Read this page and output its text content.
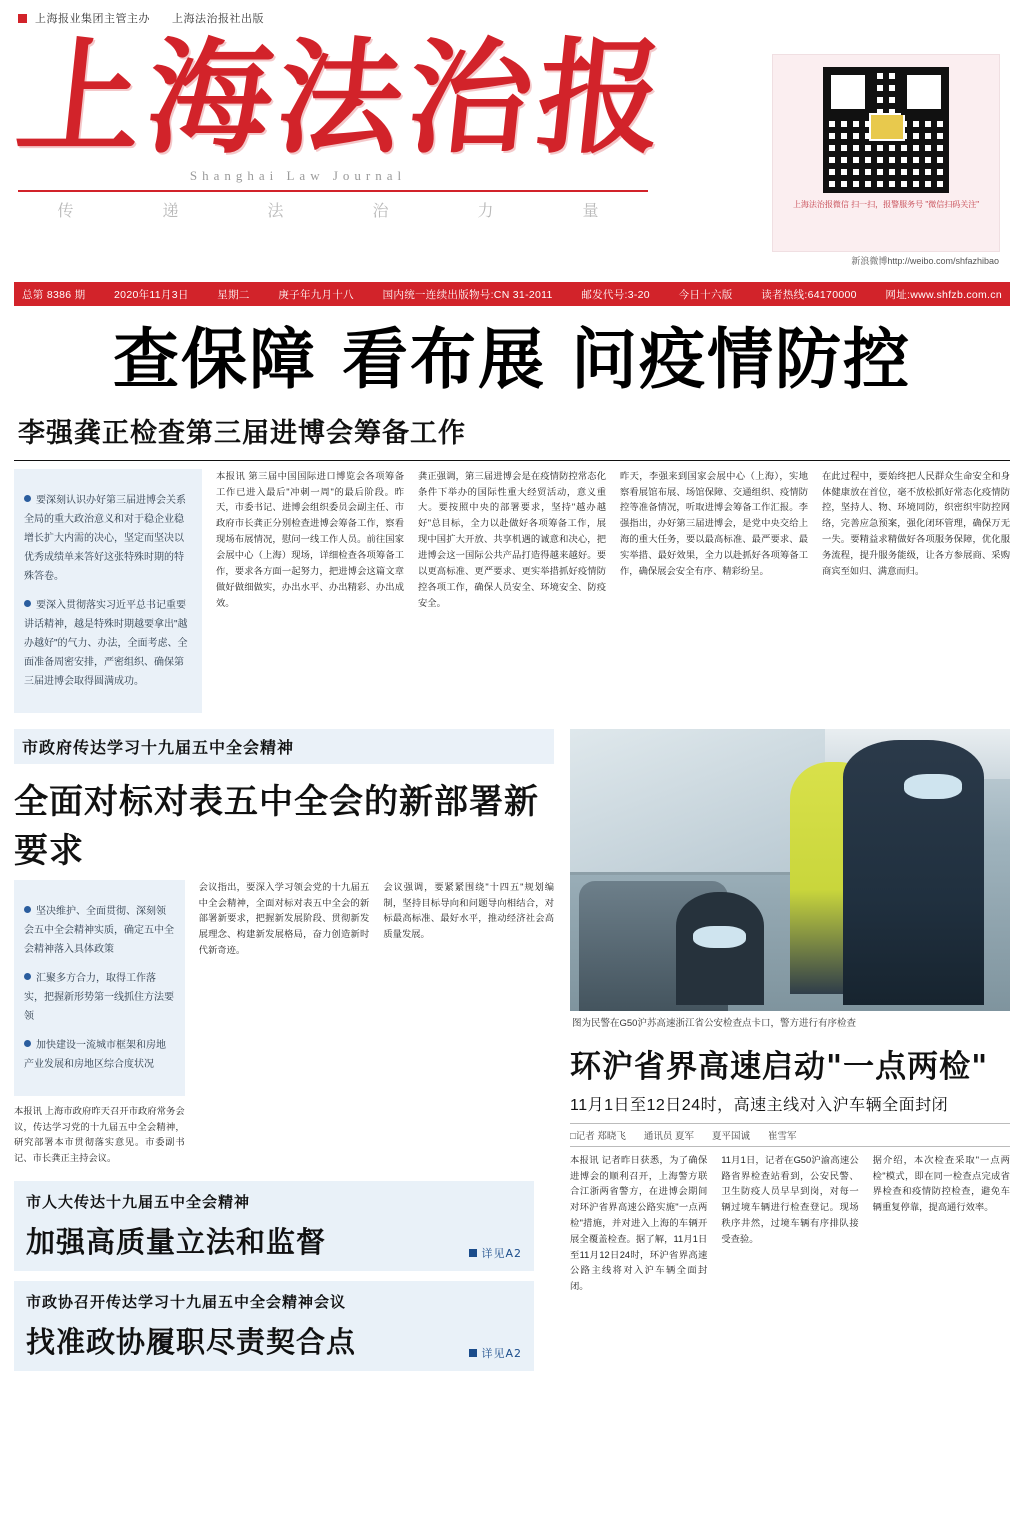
上海报业集团主管主办 上海法治报社出版
上海法治报
Shanghai Law Journal
传	递	法	治	力	量	上海法治报微信 扫一扫，报警服务号 "微信扫码关注"
新浪微博http://weibo.com/shfazhibao
总第 8386 期	2020年11月3日	星期二	庚子年九月十八	国内统一连续出版物号:CN 31-2011	邮发代号:3-20	今日十六版	读者热线:64170000	网址:www.shfzb.com.cn
查保障 看布展 问疫情防控
李强龚正检查第三届进博会筹备工作

要深刻认识办好第三届进博会关系全局的重大政治意义和对于稳企业稳增长扩大内需的决心，坚定而坚决以优秀成绩单来答好这张特殊时期的特殊答卷。

要深入贯彻落实习近平总书记重要讲话精神，越是特殊时期越要拿出"越办越好"的气力、办法，全面考虑、全面准备周密安排，严密组织、确保第三届进博会取得圆满成功。

本报讯 第三届中国国际进口博览会各项筹备工作已进入最后"冲刺一周"的最后阶段。昨天，市委书记、进博会组织委员会副主任、市政府市长龚正分别检查进博会筹备工作，察看现场布展情况，慰问一线工作人员。前往国家会展中心（上海）现场，详细检查各项筹备工作，要求各方面一起努力，把进博会这篇文章做好做细做实，办出水平、办出精彩、办出成效。
龚正强调，第三届进博会是在疫情防控常态化条件下举办的国际性重大经贸活动，意义重大。要按照中央的部署要求，坚持"越办越好"总目标，全力以赴做好各项筹备工作，展现中国扩大开放、共享机遇的诚意和决心，把进博会这一国际公共产品打造得越来越好。要以更高标准、更严要求、更实举措抓好疫情防控各项工作，确保人员安全、环境安全、防疫安全。
昨天，李强来到国家会展中心（上海），实地察看展馆布展、场馆保障、交通组织、疫情防控等准备情况，听取进博会筹备工作汇报。李强指出，办好第三届进博会，是党中央交给上海的重大任务，要以最高标准、最严要求、最实举措、最好效果，全力以赴抓好各项筹备工作，确保展会安全有序、精彩纷呈。
在此过程中，要始终把人民群众生命安全和身体健康放在首位，毫不放松抓好常态化疫情防控，坚持人、物、环境同防，织密织牢防控网络，完善应急预案，强化闭环管理，确保万无一失。要精益求精做好各项服务保障，优化服务流程，提升服务能级，让各方参展商、采购商宾至如归、满意而归。
市政府传达学习十九届五中全会精神
全面对标对表五中全会的新部署新要求

坚决维护、全面贯彻、深刻领会五中全会精神实质，确定五中全会精神落入具体政策

汇聚多方合力，取得工作落实，把握新形势第一线抓住方法要领

加快建设一流城市框架和房地产业发展和房地区综合度状况

本报讯 上海市政府昨天召开市政府常务会议，传达学习党的十九届五中全会精神，研究部署本市贯彻落实意见。市委副书记、市长龚正主持会议。
会议指出，要深入学习领会党的十九届五中全会精神，全面对标对表五中全会的新部署新要求，把握新发展阶段、贯彻新发展理念、构建新发展格局，奋力创造新时代新奇迹。
会议强调，要紧紧围绕"十四五"规划编制，坚持目标导向和问题导向相结合，对标最高标准、最好水平，推动经济社会高质量发展。
市人大传达十九届五中全会精神
加强高质量立法和监督	详见A2
市政协召开传达学习十九届五中全会精神会议
找准政协履职尽责契合点	详见A2
图为民警在G50沪苏高速浙江省公安检查点卡口，警方进行有序检查
环沪省界高速启动"一点两检"
11月1日至12日24时，高速主线对入沪车辆全面封闭
□记者 郑晓飞 通讯员 夏军 夏平国诚 崔雪军
本报讯 记者昨日获悉，为了确保进博会的顺利召开，上海警方联合江浙两省警方，在进博会期间对环沪省界高速公路实施"一点两检"措施，并对进入上海的车辆开展全覆盖检查。据了解，11月1日至11月12日24时，环沪省界高速公路主线将对入沪车辆全面封闭。
11月1日，记者在G50沪渝高速公路省界检查站看到，公安民警、卫生防疫人员早早到岗，对每一辆过境车辆进行检查登记。现场秩序井然，过境车辆有序排队接受查验。
据介绍，本次检查采取"一点两检"模式，即在同一检查点完成省界检查和疫情防控检查，避免车辆重复停靠，提高通行效率。
